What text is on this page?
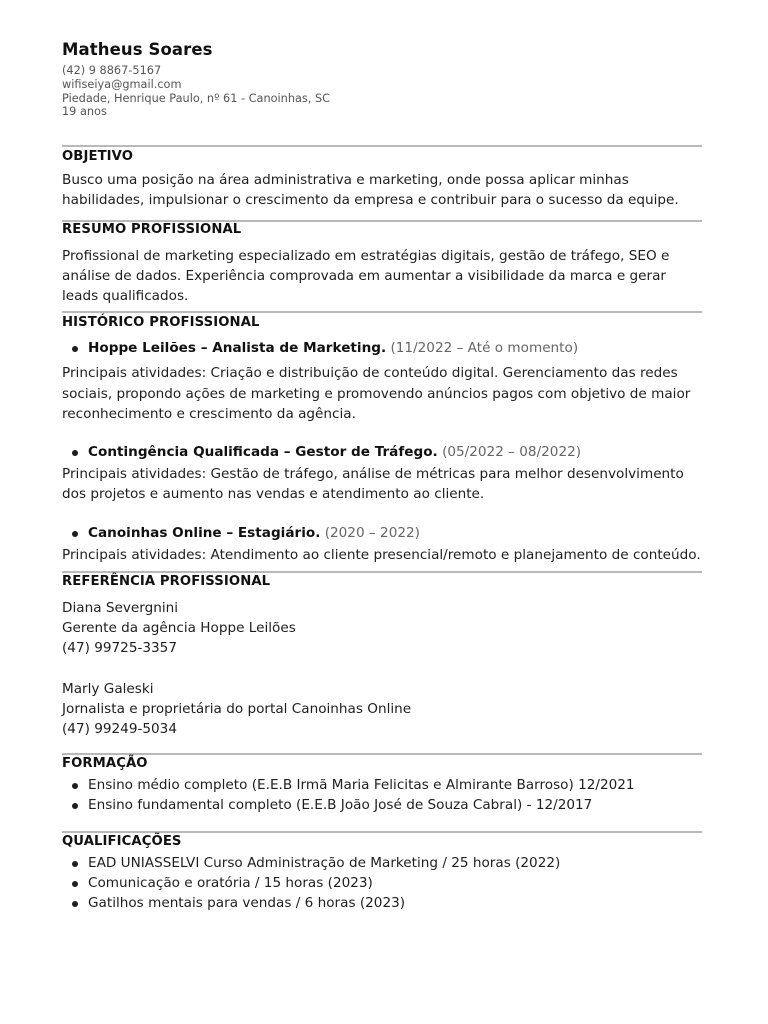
Matheus Soares
(42) 9 8867-5167
wifiseiya@gmail.com
Piedade, Henrique Paulo, nº 61 - Canoinhas, SC
19 anos
OBJETIVO
Busco uma posição na área administrativa e marketing, onde possa aplicar minhas habilidades, impulsionar o crescimento da empresa e contribuir para o sucesso da equipe.
RESUMO PROFISSIONAL
Profissional de marketing especializado em estratégias digitais, gestão de tráfego, SEO e análise de dados. Experiência comprovada em aumentar a visibilidade da marca e gerar leads qualificados.
HISTÓRICO PROFISSIONAL
Hoppe Leilões – Analista de Marketing. (11/2022 – Até o momento)
Principais atividades: Criação e distribuição de conteúdo digital. Gerenciamento das redes sociais, propondo ações de marketing e promovendo anúncios pagos com objetivo de maior reconhecimento e crescimento da agência.
Contingência Qualificada – Gestor de Tráfego. (05/2022 – 08/2022)
Principais atividades: Gestão de tráfego, análise de métricas para melhor desenvolvimento dos projetos e aumento nas vendas e atendimento ao cliente.
Canoinhas Online – Estagiário. (2020 – 2022)
Principais atividades: Atendimento ao cliente presencial/remoto e planejamento de conteúdo.
REFERÊNCIA PROFISSIONAL
Diana Severgnini
Gerente da agência Hoppe Leilões
(47) 99725-3357
Marly Galeski
Jornalista e proprietária do portal Canoinhas Online
(47) 99249-5034
FORMAÇÃO
Ensino médio completo (E.E.B Irmã Maria Felicitas e Almirante Barroso) 12/2021
Ensino fundamental completo (E.E.B João José de Souza Cabral) - 12/2017
QUALIFICAÇÕES
EAD UNIASSELVI Curso Administração de Marketing / 25 horas (2022)
Comunicação e oratória / 15 horas (2023)
Gatilhos mentais para vendas / 6 horas (2023)
